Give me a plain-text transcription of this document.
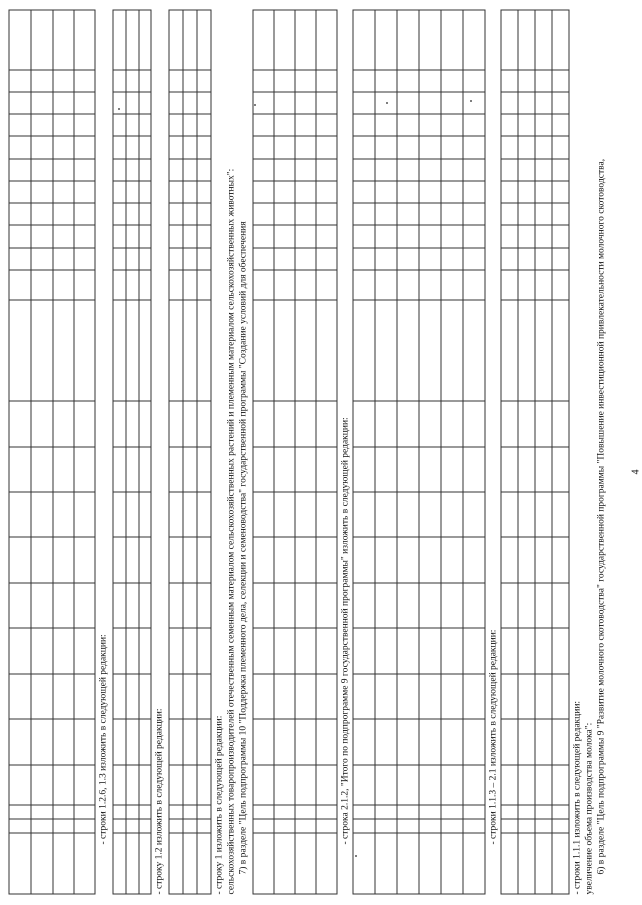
4
6) в разделе "Цель подпрограммы 9 "Развитие молочного скотоводства" государственной программы "Повышение инвестиционной привлекательности молочного скотоводства,
увеличение объема производства молока":
- строки 1.1.1 изложить в следующей редакции:

- строки 1.1.3 – 2.1 изложить в следующей редакции:

- строка 2.1.2, "Итого по подпрограмме 9 государственной программы" изложить в следующей редакции:

7) в разделе "Цель подпрограммы 10 "Поддержка племенного дела, селекции и семеноводства" государственной программы "Создание условий для обеспечения
сельскохозяйственных товаропроизводителей отечественным семенным материалом сельскохозяйственных растений и племенным материалом сельскохозяйственных животных":
- строку 1 изложить в следующей редакции:

- строку 1.2 изложить в следующей редакции:

- строки 1.2.6, 1.3 изложить в следующей редакции:
